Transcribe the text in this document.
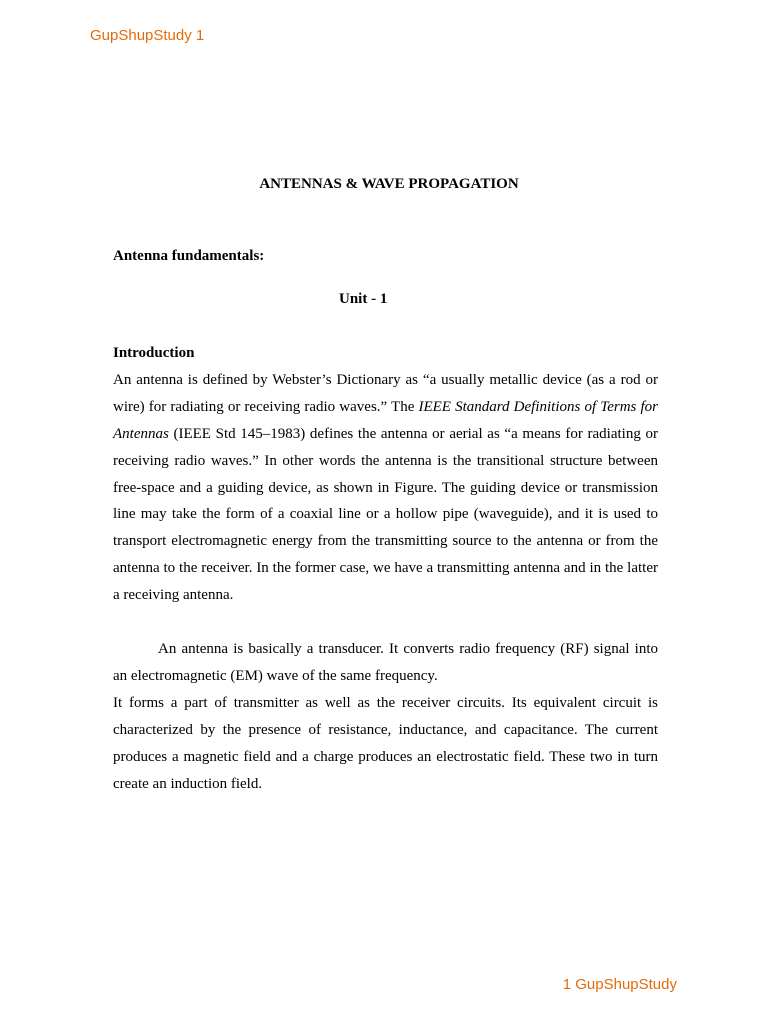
GupShupStudy 1

ANTENNAS & WAVE PROPAGATION
Antenna fundamentals:
Unit - 1

Introduction

An antenna is defined by Webster’s Dictionary as “a usually metallic device (as a rod or wire) for radiating or receiving radio waves.” The IEEE Standard Definitions of Terms for Antennas (IEEE Std 145–1983) defines the antenna or aerial as “a means for radiating or receiving radio waves.” In other words the antenna is the transitional structure between free-space and a guiding device, as shown in Figure. The guiding device or transmission line may take the form of a coaxial line or a hollow pipe (waveguide), and it is used to transport electromagnetic energy from the transmitting source to the antenna or from the antenna to the receiver. In the former case, we have a transmitting antenna and in the latter a receiving antenna.

An antenna is basically a transducer. It converts radio frequency (RF) signal into an electromagnetic (EM) wave of the same frequency.

It forms a part of transmitter as well as the receiver circuits. Its equivalent circuit is characterized by the presence of resistance, inductance, and capacitance. The current produces a magnetic field and a charge produces an electrostatic field. These two in turn create an induction field.

1 GupShupStudy
